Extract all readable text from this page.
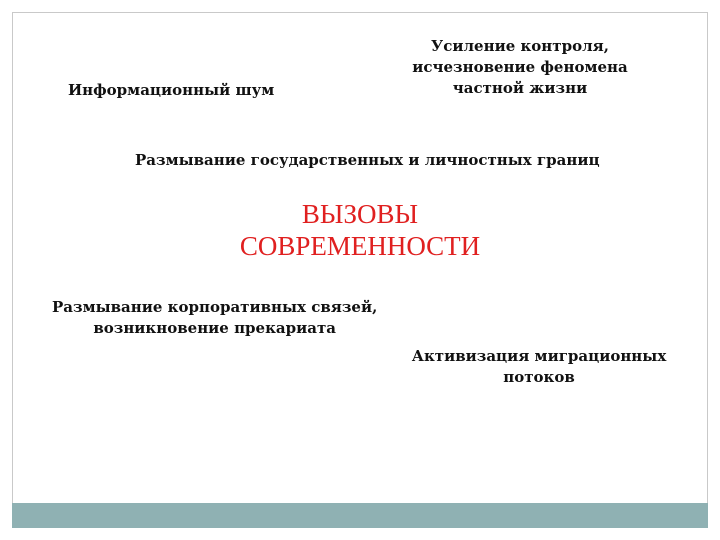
Информационный шум
Усиление контроля,
исчезновение феномена
частной жизни
Размывание государственных и личностных границ
ВЫЗОВЫ
СОВРЕМЕННОСТИ
Размывание корпоративных связей,
возникновение прекариата
Активизация миграционных
потоков
